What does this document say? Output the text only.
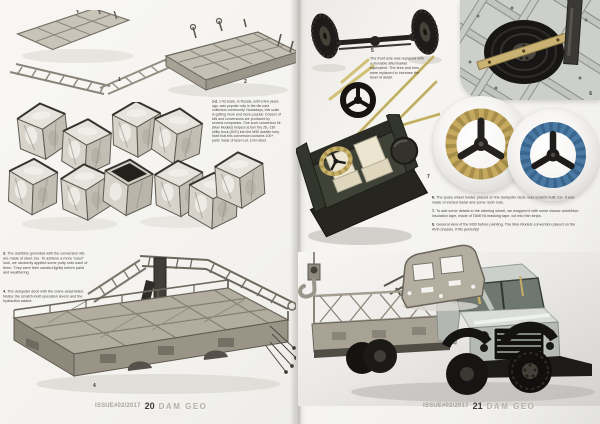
1	2

1-2. 1:43 scale, in Russia, until a few years ago, was popular only in the die-cast collectors community. Nowadays, this scale is getting more and more popular. Dozens of kits and conversions are produced by several companies. One such conversion kit (Max Models) helped us turn the ZIL-130 utility truck (AVD) into the M30 dustbin lorry. Note that this conversion contains 100+ parts made of laser-cut, 1mm steel.

3. The dustbins (provided with the conversion kit) are made of steel, too. To achieve a more "used" look, we randomly applied some putty onto each of them. They were then sanded lightly before paint and weathering.

4. The dumpster deck with the crane assembled. Notice the scratch-built operation levers and the hydraulics added.

4
ISSUE#02/2017 20 DAM GEO
5

The front axle was replaced with a movable aftermarket equivalent. The tires and rims were replaced to increase the level of detail.

6
7

6. The spare wheel holder, placed on the dumpster deck, was scratch-built, too. It was made of etched metal and some resin nuts.

7. To add some details to the steering wheel, we wrapped it with some classic violet/blue insulation tape, made of TAMIYA masking tape, cut into thin strips.

8. General view of the M30 before painting. The Max Models conversion placed on the AVD chassis. It fits perfectly!

ISSUE#02/2017 21 DAM GEO
